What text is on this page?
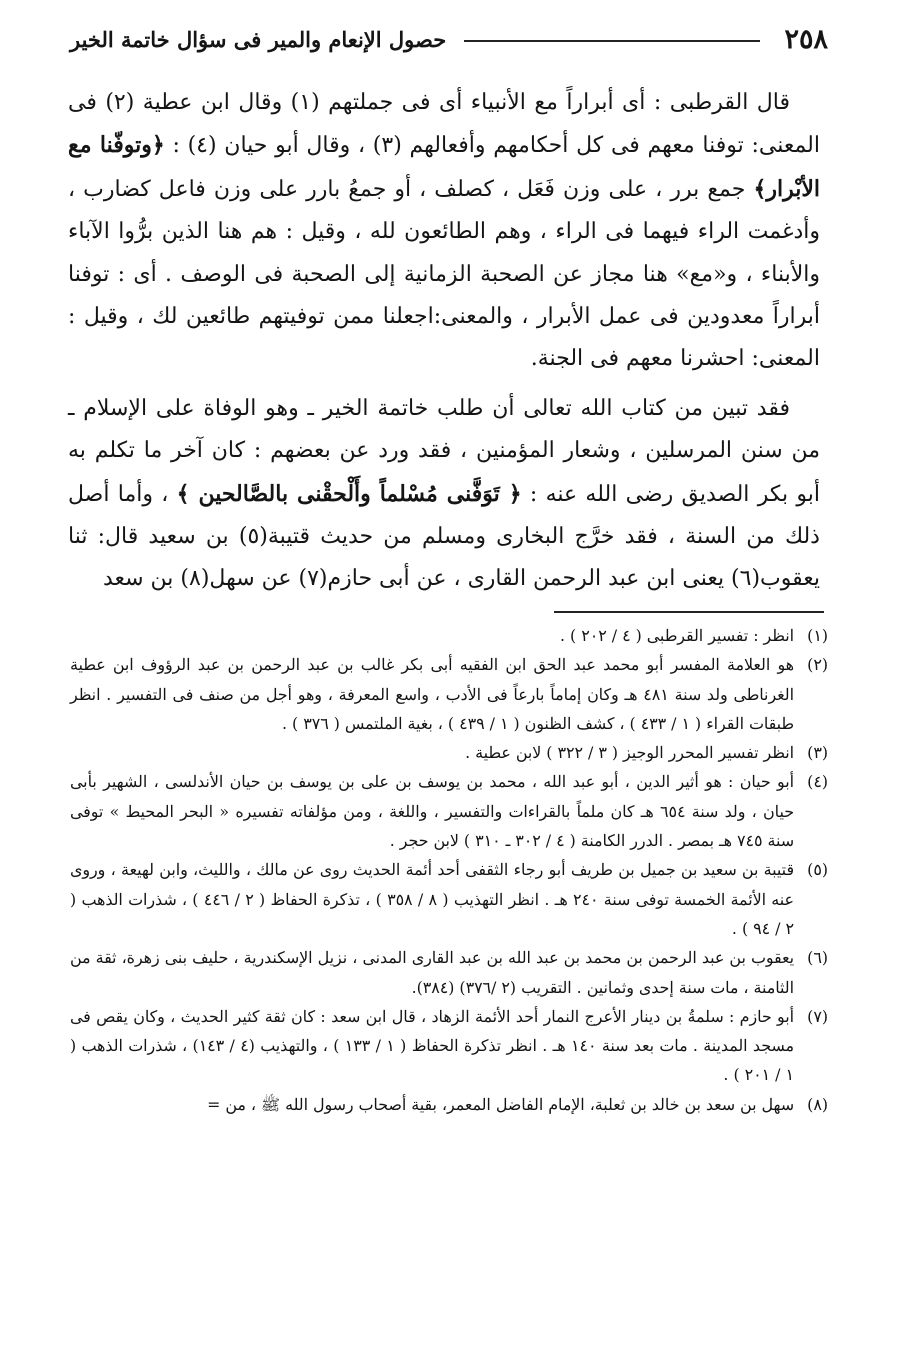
٢٥٨
حصول الإنعام والمير فى سؤال خاتمة الخير

قال القرطبى : أى أبراراً مع الأنبياء أى فى جملتهم (١) وقال ابن عطية (٢) فى المعنى: توفنا معهم فى كل أحكامهم وأفعالهم (٣) ، وقال أبو حيان (٤) : ﴿وتوفّنا مع الأبْرار﴾ جمع برر ، على وزن فَعَل ، كصلف ، أو جمعُ بارر على وزن فاعل كضارب ، وأدغمت الراء فيهما فى الراء ، وهم الطائعون لله ، وقيل : هم هنا الذين برُّوا الآباء والأبناء ، و«مع» هنا مجاز عن الصحبة الزمانية إلى الصحبة فى الوصف . أى : توفنا أبراراً معدودين فى عمل الأبرار ، والمعنى:اجعلنا ممن توفيتهم طائعين لك ، وقيل : المعنى: احشرنا معهم فى الجنة.

فقد تبين من كتاب الله تعالى أن طلب خاتمة الخير ـ وهو الوفاة على الإسلام ـ من سنن المرسلين ، وشعار المؤمنين ، فقد ورد عن بعضهم : كان آخر ما تكلم به أبو بكر الصديق رضى الله عنه : ﴿ تَوَفَّنى مُسْلماً وأَلْحقْنى بالصَّالحين ﴾ ، وأما أصل ذلك من السنة ، فقد خرَّج البخارى ومسلم من حديث قتيبة(٥) بن سعيد قال: ثنا يعقوب(٦) يعنى ابن عبد الرحمن القارى ، عن أبى حازم(٧) عن سهل(٨) بن سعد

(١)
انظر : تفسير القرطبى ( ٤ / ٢٠٢ ) .
(٢)
هو العلامة المفسر أبو محمد عبد الحق ابن الفقيه أبى بكر غالب بن عبد الرحمن بن عبد الرؤوف ابن عطية الغرناطى ولد سنة ٤٨١ هـ وكان إماماً بارعاً فى الأدب ، واسع المعرفة ، وهو أجل من صنف فى التفسير . انظر طبقات القراء ( ١ / ٤٣٣ ) ، كشف الظنون ( ١ / ٤٣٩ ) ، بغية الملتمس ( ٣٧٦ ) .
(٣)
انظر تفسير المحرر الوجيز ( ٣ / ٣٢٢ ) لابن عطية .
(٤)
أبو حيان : هو أثير الدين ، أبو عبد الله ، محمد بن يوسف بن على بن يوسف بن حيان الأندلسى ، الشهير بأبى حيان ، ولد سنة ٦٥٤ هـ كان ملماً بالقراءات والتفسير ، واللغة ، ومن مؤلفاته تفسيره « البحر المحيط » توفى سنة ٧٤٥ هـ بمصر . الدرر الكامنة ( ٤ / ٣٠٢ ـ ٣١٠ ) لابن حجر .
(٥)
قتيبة بن سعيد بن جميل بن طريف أبو رجاء الثقفى أحد أئمة الحديث روى عن مالك ، والليث، وابن لهيعة ، وروى عنه الأئمة الخمسة توفى سنة ٢٤٠ هـ . انظر التهذيب ( ٨ / ٣٥٨ ) ، تذكرة الحفاظ ( ٢ / ٤٤٦ ) ، شذرات الذهب ( ٢ / ٩٤ ) .
(٦)
يعقوب بن عبد الرحمن بن محمد بن عبد الله بن عبد القارى المدنى ، نزيل الإسكندرية ، حليف بنى زهرة، ثقة من الثامنة ، مات سنة إحدى وثمانين . التقريب (٢ /٣٧٦) (٣٨٤).
(٧)
أبو حازم : سلمةُ بن دينار الأعرج النمار أحد الأئمة الزهاد ، قال ابن سعد : كان ثقة كثير الحديث ، وكان يقص فى مسجد المدينة . مات بعد سنة ١٤٠ هـ . انظر تذكرة الحفاظ ( ١ / ١٣٣ ) ، والتهذيب (٤ / ١٤٣) ، شذرات الذهب ( ١ / ٢٠١ ) .
(٨)
سهل بن سعد بن خالد بن ثعلبة، الإمام الفاضل المعمر، بقية أصحاب رسول الله ﷺ ، من =
